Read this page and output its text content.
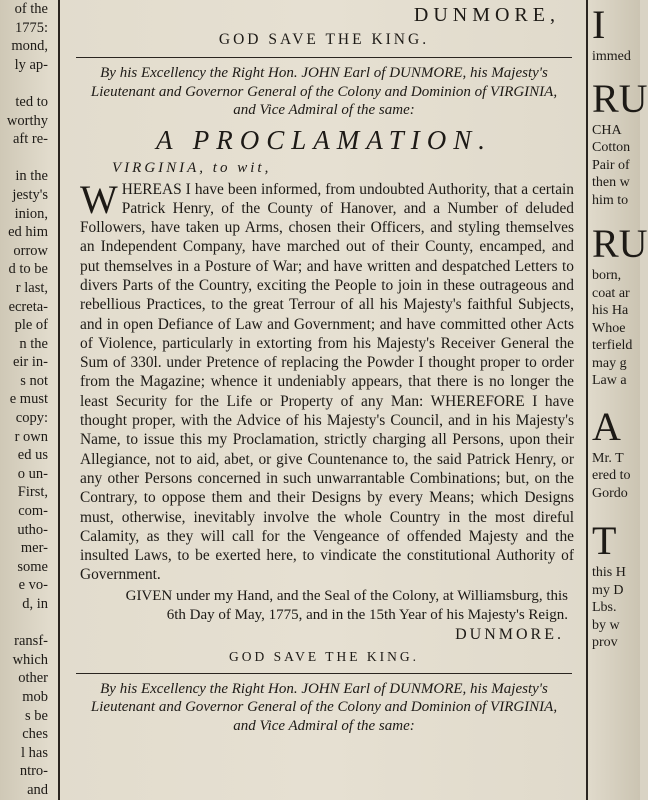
of the
1775:
mond,
ly ap-

ted to
worthy
aft re-

in the
jesty's
inion,
ed him
orrow
d to be
r last,
ecreta-
ple of
n the
eir in-
s not
e must
copy:
r own
ed us
o un-
First,
com-
utho-
mer-
some
e vo-
d, in

ransf-
which
other
mob
s be
ches
l has
ntro-
and
DUNMORE,
GOD SAVE THE KING.
By his Excellency the Right Hon. JOHN Earl of DUNMORE, his Majesty's Lieutenant and Governor General of the Colony and Dominion of VIRGINIA, and Vice Admiral of the same:
A PROCLAMATION.
VIRGINIA, to wit,
WHEREAS I have been informed, from undoubted Authority, that a certain Patrick Henry, of the County of Hanover, and a Number of deluded Followers, have taken up Arms, chosen their Officers, and styling themselves an Independent Company, have marched out of their County, encamped, and put themselves in a Posture of War; and have written and despatched Letters to divers Parts of the Country, exciting the People to join in these outrageous and rebellious Practices, to the great Terrour of all his Majesty's faithful Subjects, and in open Defiance of Law and Government; and have committed other Acts of Violence, particularly in extorting from his Majesty's Receiver General the Sum of 330l. under Pretence of replacing the Powder I thought proper to order from the Magazine; whence it undeniably appears, that there is no longer the least Security for the Life or Property of any Man: WHEREFORE I have thought proper, with the Advice of his Majesty's Council, and in his Majesty's Name, to issue this my Proclamation, strictly charging all Persons, upon their Allegiance, not to aid, abet, or give Countenance to, the said Patrick Henry, or any other Persons concerned in such unwarrantable Combinations; but, on the Contrary, to oppose them and their Designs by every Means; which Designs must, otherwise, inevitably involve the whole Country in the most direful Calamity, as they will call for the Vengeance of offended Majesty and the insulted Laws, to be exerted here, to vindicate the constitutional Authority of Government.
GIVEN under my Hand, and the Seal of the Colony, at Williamsburg, this 6th Day of May, 1775, and in the 15th Year of his Majesty's Reign.
DUNMORE.
GOD SAVE THE KING.
By his Excellency the Right Hon. JOHN Earl of DUNMORE, his Majesty's Lieutenant and Governor General of the Colony and Dominion of VIRGINIA, and Vice Admiral of the same:
I
immed
RU
CHA
Cotton
Pair of
then w
him to
RU
born,
coat ar
his Ha
Whoe
terfield
may g
Law a
A
Mr. T
ered to
Gordo
T
this H
my D
Lbs.
by w
prov
